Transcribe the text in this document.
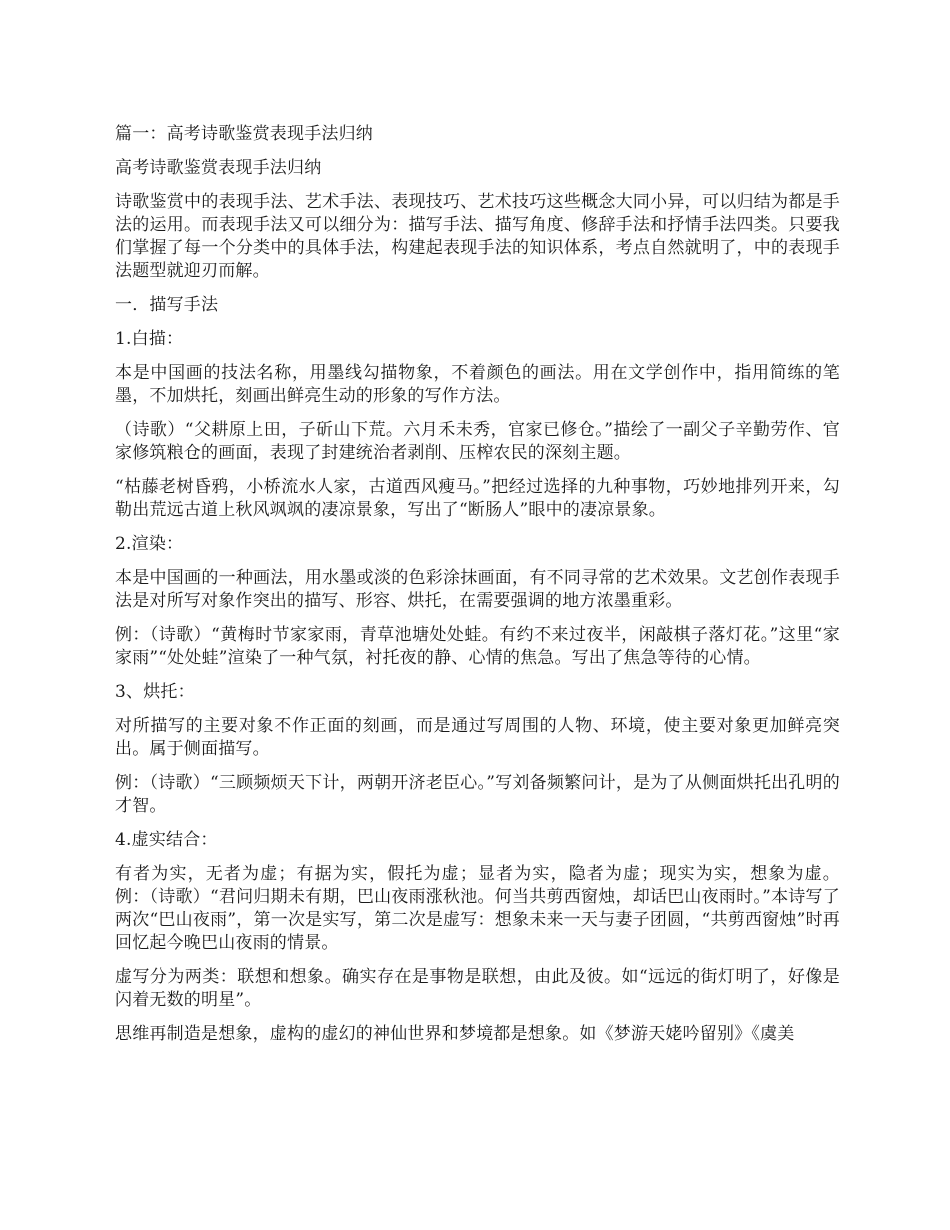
篇一：高考诗歌鉴赏表现手法归纳

高考诗歌鉴赏表现手法归纳

诗歌鉴赏中的表现手法、艺术手法、表现技巧、艺术技巧这些概念大同小异，可以归结为都是手法的运用。而表现手法又可以细分为：描写手法、描写角度、修辞手法和抒情手法四类。只要我们掌握了每一个分类中的具体手法，构建起表现手法的知识体系，考点自然就明了，中的表现手法题型就迎刃而解。

一．描写手法

1.白描：

本是中国画的技法名称，用墨线勾描物象，不着颜色的画法。用在文学创作中，指用简练的笔墨，不加烘托，刻画出鲜亮生动的形象的写作方法。

（诗歌）“父耕原上田，子斫山下荒。六月禾未秀，官家已修仓。”描绘了一副父子辛勤劳作、官家修筑粮仓的画面，表现了封建统治者剥削、压榨农民的深刻主题。

“枯藤老树昏鸦，小桥流水人家，古道西风瘦马。”把经过选择的九种事物，巧妙地排列开来，勾勒出荒远古道上秋风飒飒的凄凉景象，写出了“断肠人”眼中的凄凉景象。

2.渲染：

本是中国画的一种画法，用水墨或淡的色彩涂抹画面，有不同寻常的艺术效果。文艺创作表现手法是对所写对象作突出的描写、形容、烘托，在需要强调的地方浓墨重彩。

例：（诗歌）“黄梅时节家家雨，青草池塘处处蛙。有约不来过夜半，闲敲棋子落灯花。”这里“家家雨”“处处蛙”渲染了一种气氛，衬托夜的静、心情的焦急。写出了焦急等待的心情。

3、烘托：

对所描写的主要对象不作正面的刻画，而是通过写周围的人物、环境，使主要对象更加鲜亮突出。属于侧面描写。

例：（诗歌）“三顾频烦天下计，两朝开济老臣心。”写刘备频繁问计，是为了从侧面烘托出孔明的才智。

4.虚实结合：

有者为实，无者为虚；有据为实，假托为虚；显者为实，隐者为虚；现实为实，想象为虚。 例：（诗歌）“君问归期未有期，巴山夜雨涨秋池。何当共剪西窗烛，却话巴山夜雨时。”本诗写了两次“巴山夜雨”，第一次是实写，第二次是虚写：想象未来一天与妻子团圆，“共剪西窗烛”时再回忆起今晚巴山夜雨的情景。

虚写分为两类：联想和想象。确实存在是事物是联想，由此及彼。如“远远的街灯明了，好像是闪着无数的明星”。

思维再制造是想象，虚构的虚幻的神仙世界和梦境都是想象。如《梦游天姥吟留别》《虞美
